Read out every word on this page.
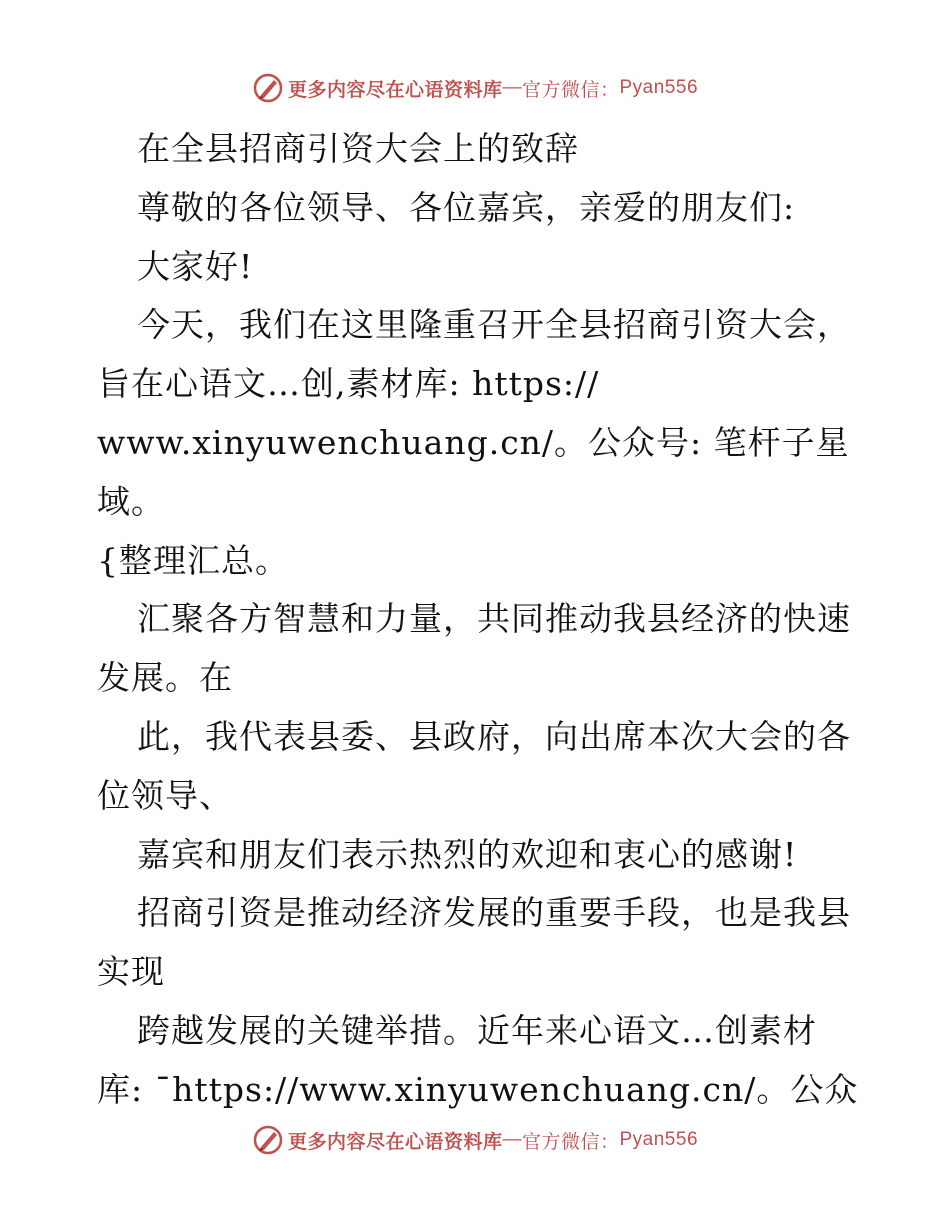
更多内容尽在心语资料库 — 官方微信： Pyan556

在全县招商引资大会上的致辞

尊敬的各位领导、各位嘉宾，亲爱的朋友们:

大家好!

今天，我们在这里隆重召开全县招商引资大会，

旨在心语文…创,素材库: https://

www.xinyuwenchuang.cn/。公众号: 笔杆子星域。

{整理汇总。

汇聚各方智慧和力量，共同推动我县经济的快速

发展。在

此，我代表县委、县政府，向出席本次大会的各

位领导、

嘉宾和朋友们表示热烈的欢迎和衷心的感谢!

招商引资是推动经济发展的重要手段，也是我县

实现

跨越发展的关键举措。近年来心语文…创素材

库: ¯https://www.xinyuwenchuang.cn/。公众

更多内容尽在心语资料库 — 官方微信： Pyan556
